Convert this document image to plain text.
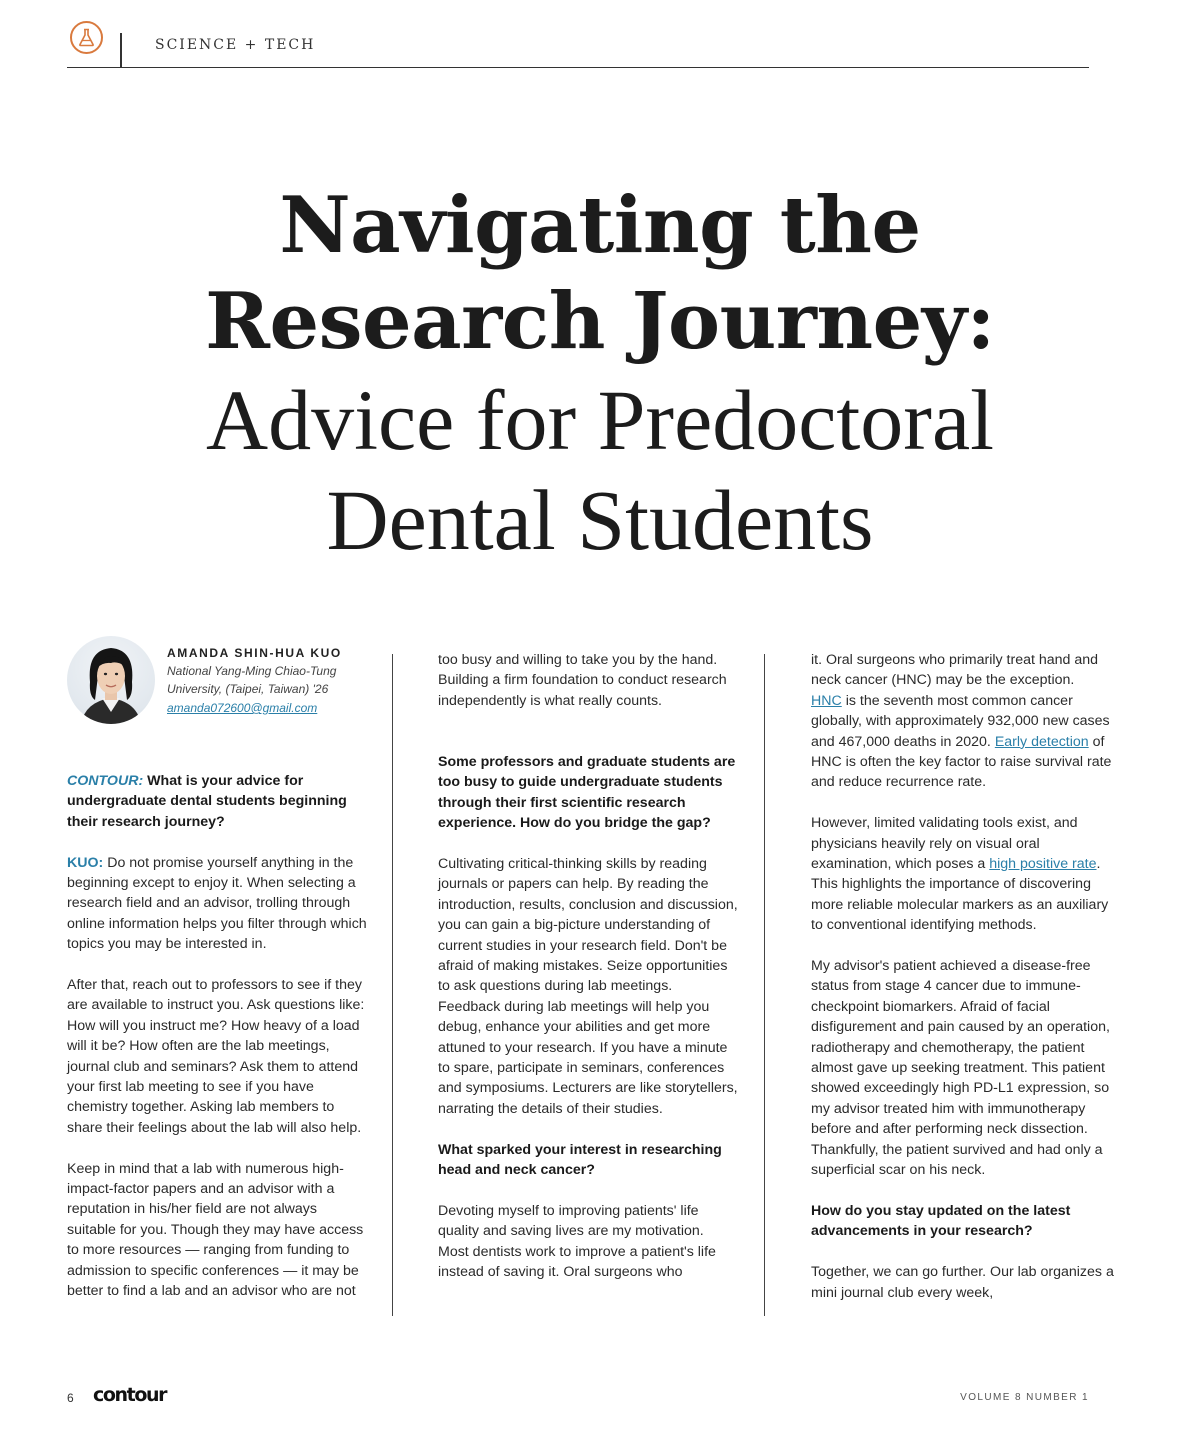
SCIENCE + TECH
Navigating the
Research Journey:
Advice for Predoctoral
Dental Students
AMANDA SHIN-HUA KUO
National Yang-Ming Chiao-Tung
University, (Taipei, Taiwan) '26
amanda072600@gmail.com

CONTOUR: What is your advice for undergraduate dental students beginning their research journey?

KUO: Do not promise yourself anything in the beginning except to enjoy it. When selecting a research field and an advisor, trolling through online information helps you filter through which topics you may be interested in.

After that, reach out to professors to see if they are available to instruct you. Ask questions like: How will you instruct me? How heavy of a load will it be? How often are the lab meetings, journal club and seminars? Ask them to attend your first lab meeting to see if you have chemistry together. Asking lab members to share their feelings about the lab will also help.

Keep in mind that a lab with numerous high-impact-factor papers and an advisor with a reputation in his/her field are not always suitable for you. Though they may have access to more resources — ranging from funding to admission to specific conferences — it may be better to find a lab and an advisor who are not

too busy and willing to take you by the hand. Building a firm foundation to conduct research independently is what really counts.

Some professors and graduate students are too busy to guide undergraduate students through their first scientific research experience. How do you bridge the gap?

Cultivating critical-thinking skills by reading journals or papers can help. By reading the introduction, results, conclusion and discussion, you can gain a big-picture understanding of current studies in your research field. Don't be afraid of making mistakes. Seize opportunities to ask questions during lab meetings. Feedback during lab meetings will help you debug, enhance your abilities and get more attuned to your research. If you have a minute to spare, participate in seminars, conferences and symposiums. Lecturers are like storytellers, narrating the details of their studies.

What sparked your interest in researching head and neck cancer?

Devoting myself to improving patients' life quality and saving lives are my motivation. Most dentists work to improve a patient's life instead of saving it. Oral surgeons who

it. Oral surgeons who primarily treat hand and neck cancer (HNC) may be the exception.
HNC is the seventh most common cancer globally, with approximately 932,000 new cases and 467,000 deaths in 2020. Early detection of HNC is often the key factor to raise survival rate and reduce recurrence rate.

However, limited validating tools exist, and physicians heavily rely on visual oral examination, which poses a high positive rate. This highlights the importance of discovering more reliable molecular markers as an auxiliary to conventional identifying methods.

My advisor's patient achieved a disease-free status from stage 4 cancer due to immune-checkpoint biomarkers. Afraid of facial disfigurement and pain caused by an operation, radiotherapy and chemotherapy, the patient almost gave up seeking treatment. This patient showed exceedingly high PD-L1 expression, so my advisor treated him with immunotherapy before and after performing neck dissection. Thankfully, the patient survived and had only a superficial scar on his neck.

How do you stay updated on the latest advancements in your research?

Together, we can go further. Our lab organizes a mini journal club every week,

6 contour	VOLUME 8 NUMBER 1
